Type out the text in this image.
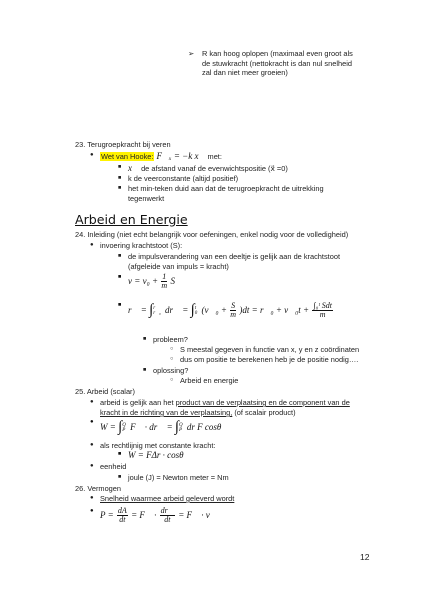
➢ R kan hoog oplopen (maximaal even groot als
de stuwkracht (nettokracht is dan nul snelheid
zal dan niet meer groeien)
23. Terugroepkracht bij veren
● Wet van Hooke: F⃗ₓ = −k x⃗ met:
■ x⃗ de afstand vanaf de evenwichtspositie (x⃗ =0)
■ k de veerconstante (altijd positief)
■ het min-teken duid aan dat de terugroepkracht de uitrekking
tegenwerkt
Arbeid en Energie
24. Inleiding (niet echt belangrijk voor oefeningen, enkel nodig voor de volledigheid)
● invoering krachtstoot (S):
■ de impulsverandering van een deeltje is gelijk aan de krachtstoot
(afgeleide van impuls = kracht)
■ $v = v_0 + \frac{1}{m}$ S
■ r⃗ = ∫ r⃗
r⃗₀ dr⃗ = ∫ t
0 (v⃗₀ + $\frac{S}{m} )dt$ = r⃗₀ + v⃗₀t + $\frac{\text{∫₀ᵗ Sdt}}{m}$
■ probleem?
○ S meestal gegeven in functie van x, y en z coördinaten
○ dus om positie te berekenen heb je de positie nodig….
■ oplossing?
○ Arbeid en energie
25. Arbeid (scalar)
● arbeid is gelijk aan het product van de verplaatsing en de component van de
kracht in de richting van de verplaatsing, (of scalair product)
● W = ∫ Q
P F⃗ · dr⃗ = ∫ Q
P dr F cosθ
● als rechtlijnig met constante kracht:
■ W = FΔr · cosθ
● eenheid
■ joule (J) = Newton meter = Nm
26. Vermogen
● Snelheid waarmee arbeid geleverd wordt
● $P = \frac{dA}{dt}$ = F⃗ · $\frac{dr⃗}{dt}$ = F⃗ · v⃗
12
